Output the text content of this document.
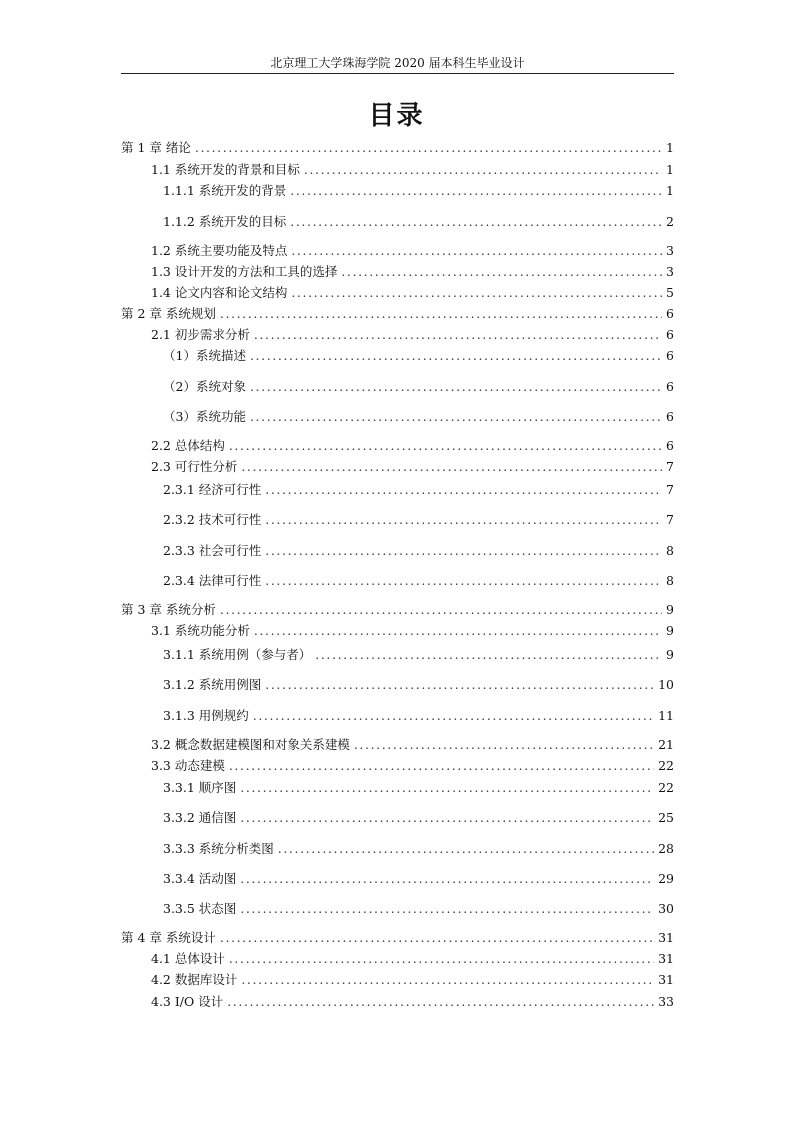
北京理工大学珠海学院 2020 届本科生毕业设计
目录
第 1 章 绪论 .....	1
1.1 系统开发的背景和目标 .....	1
1.1.1 系统开发的背景 .....	1
1.1.2 系统开发的目标 .....	2
1.2 系统主要功能及特点 .....	3
1.3 设计开发的方法和工具的选择 .....	3
1.4 论文内容和论文结构 .....	5
第 2 章 系统规划 .....	6
2.1 初步需求分析 .....	6
（1）系统描述 .....	6
（2）系统对象 .....	6
（3）系统功能 .....	6
2.2 总体结构 .....	6
2.3 可行性分析 .....	7
2.3.1 经济可行性 .....	7
2.3.2 技术可行性 .....	7
2.3.3 社会可行性 .....	8
2.3.4 法律可行性 .....	8
第 3 章 系统分析 .....	9
3.1 系统功能分析 .....	9
3.1.1 系统用例（参与者） .....	9
3.1.2 系统用例图 .....	10
3.1.3 用例规约 .....	11
3.2 概念数据建模图和对象关系建模 .....	21
3.3 动态建模 .....	22
3.3.1 顺序图 .....	22
3.3.2 通信图 .....	25
3.3.3 系统分析类图 .....	28
3.3.4 活动图 .....	29
3.3.5 状态图 .....	30
第 4 章 系统设计 .....	31
4.1 总体设计 .....	31
4.2 数据库设计 .....	31
4.3 I/O 设计 .....	33
